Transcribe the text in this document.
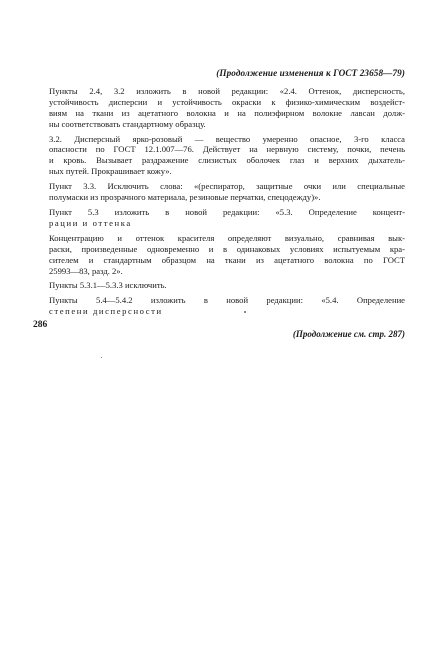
(Продолжение изменения к ГОСТ 23658—79)

Пункты 2.4, 3.2 изложить в новой редакции: «2.4. Оттенок, дисперсность,
устойчивость дисперсии и устойчивость окраски к физико-химическим воздейст-
виям на ткани из ацетатного волокна и на полиэфирном волокне лавсан долж-
ны соответствовать стандартному образцу.

3.2. Дисперсный ярко-розовый — вещество умеренно опасное, 3-го класса
опасности по ГОСТ 12.1.007—76. Действует на нервную систему, почки, печень
и кровь. Вызывает раздражение слизистых оболочек глаз и верхних дыхатель-
ных путей. Прокрашивает кожу».

Пункт 3.3. Исключить слова: «(респиратор, защитные очки или специальные
полумаски из прозрачного материала, резиновые перчатки, спецодежду)».

Пункт 5.3 изложить в новой редакции: «5.3. Определение концент-
рации и оттенка

Концентрацию и оттенок красителя определяют визуально, сравнивая вык-
раски, произведенные одновременно и в одинаковых условиях испытуемым кра-
сителем и стандартным образцом на ткани из ацетатного волокна по ГОСТ
25993—83, разд. 2».

Пункты 5.3.1—5.3.3 исключить.

Пункты 5.4—5.4.2 изложить в новой редакции: «5.4. Определение
степени дисперсности

(Продолжение см. стр. 287)
286
